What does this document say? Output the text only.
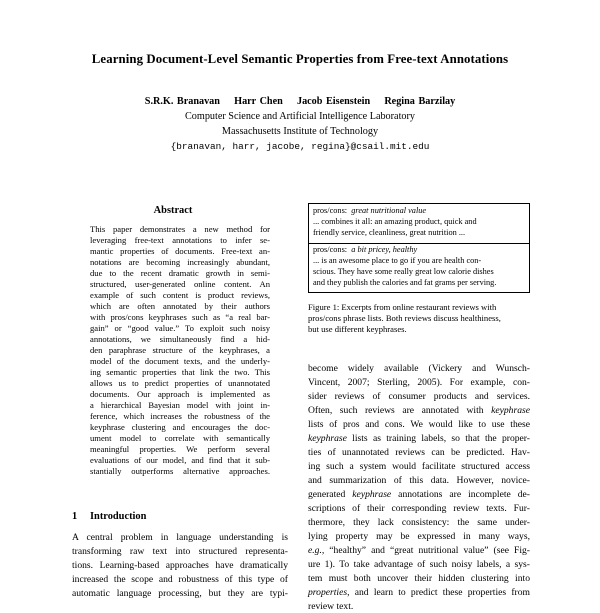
Learning Document-Level Semantic Properties from Free-text Annotations
S.R.K. Branavan Harr Chen Jacob Eisenstein Regina Barzilay
Computer Science and Artificial Intelligence Laboratory
Massachusetts Institute of Technology
{branavan, harr, jacobe, regina}@csail.mit.edu
Abstract
This paper demonstrates a new method for
leveraging free-text annotations to infer se-
mantic properties of documents. Free-text an-
notations are becoming increasingly abundant,
due to the recent dramatic growth in semi-
structured, user-generated online content. An
example of such content is product reviews,
which are often annotated by their authors
with pros/cons keyphrases such as “a real bar-
gain” or “good value.” To exploit such noisy
annotations, we simultaneously find a hid-
den paraphrase structure of the keyphrases, a
model of the document texts, and the underly-
ing semantic properties that link the two. This
allows us to predict properties of unannotated
documents. Our approach is implemented as
a hierarchical Bayesian model with joint in-
ference, which increases the robustness of the
keyphrase clustering and encourages the doc-
ument model to correlate with semantically
meaningful properties. We perform several
evaluations of our model, and find that it sub-
stantially outperforms alternative approaches.
1 Introduction
A central problem in language understanding is
transforming raw text into structured representa-
tions. Learning-based approaches have dramatically
increased the scope and robustness of this type of
automatic language processing, but they are typi-
pros/cons: great nutritional value
... combines it all: an amazing product, quick and
friendly service, cleanliness, great nutrition ...
pros/cons: a bit pricey, healthy
... is an awesome place to go if you are health con-
scious. They have some really great low calorie dishes
and they publish the calories and fat grams per serving.
Figure 1: Excerpts from online restaurant reviews with
pros/cons phrase lists. Both reviews discuss healthiness,
but use different keyphrases.
become widely available (Vickery and Wunsch-
Vincent, 2007; Sterling, 2005). For example, con-
sider reviews of consumer products and services.
Often, such reviews are annotated with keyphrase
lists of pros and cons. We would like to use these
keyphrase lists as training labels, so that the proper-
ties of unannotated reviews can be predicted. Hav-
ing such a system would facilitate structured access
and summarization of this data. However, novice-
generated keyphrase annotations are incomplete de-
scriptions of their corresponding review texts. Fur-
thermore, they lack consistency: the same under-
lying property may be expressed in many ways,
e.g., “healthy” and “great nutritional value” (see Fig-
ure 1). To take advantage of such noisy labels, a sys-
tem must both uncover their hidden clustering into
properties, and learn to predict these properties from
review text.
